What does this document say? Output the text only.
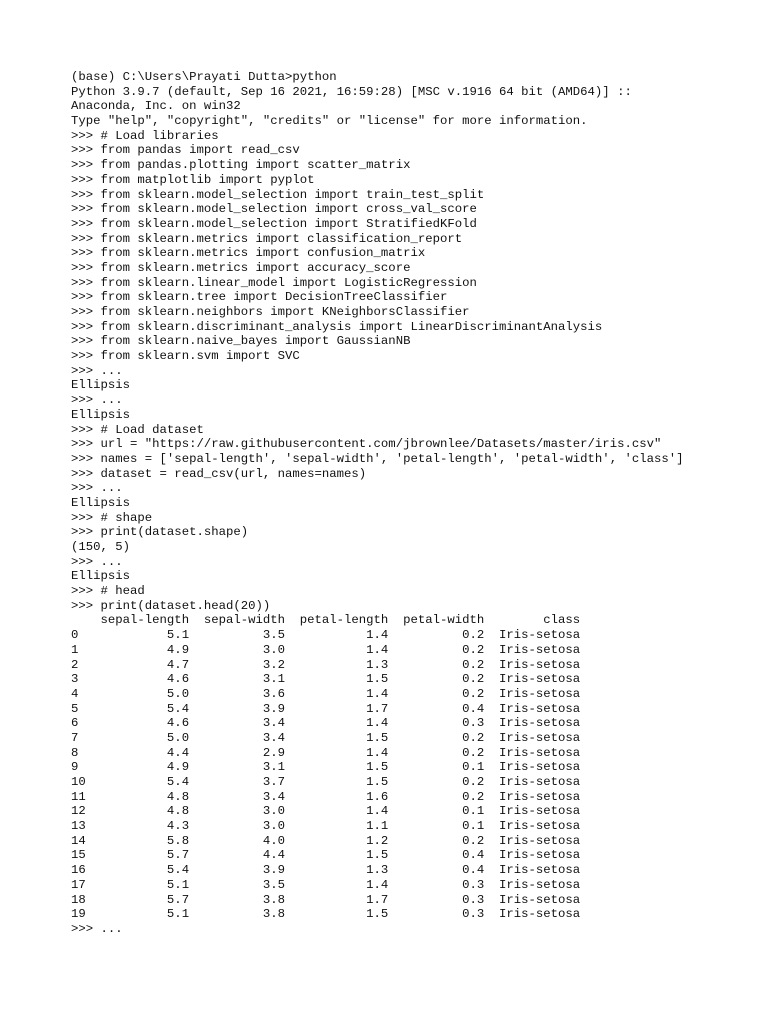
(base) C:\Users\Prayati Dutta>python
Python 3.9.7 (default, Sep 16 2021, 16:59:28) [MSC v.1916 64 bit (AMD64)] ::
Anaconda, Inc. on win32
Type "help", "copyright", "credits" or "license" for more information.
>>> # Load libraries
>>> from pandas import read_csv
>>> from pandas.plotting import scatter_matrix
>>> from matplotlib import pyplot
>>> from sklearn.model_selection import train_test_split
>>> from sklearn.model_selection import cross_val_score
>>> from sklearn.model_selection import StratifiedKFold
>>> from sklearn.metrics import classification_report
>>> from sklearn.metrics import confusion_matrix
>>> from sklearn.metrics import accuracy_score
>>> from sklearn.linear_model import LogisticRegression
>>> from sklearn.tree import DecisionTreeClassifier
>>> from sklearn.neighbors import KNeighborsClassifier
>>> from sklearn.discriminant_analysis import LinearDiscriminantAnalysis
>>> from sklearn.naive_bayes import GaussianNB
>>> from sklearn.svm import SVC
>>> ...
Ellipsis
>>> ...
Ellipsis
>>> # Load dataset
>>> url = "https://raw.githubusercontent.com/jbrownlee/Datasets/master/iris.csv"
>>> names = ['sepal-length', 'sepal-width', 'petal-length', 'petal-width', 'class']
>>> dataset = read_csv(url, names=names)
>>> ...
Ellipsis
>>> # shape
>>> print(dataset.shape)
(150, 5)
>>> ...
Ellipsis
>>> # head
>>> print(dataset.head(20))
sepal-length  sepal-width  petal-length  petal-width        class
0            5.1          3.5           1.4          0.2  Iris-setosa
1            4.9          3.0           1.4          0.2  Iris-setosa
2            4.7          3.2           1.3          0.2  Iris-setosa
3            4.6          3.1           1.5          0.2  Iris-setosa
4            5.0          3.6           1.4          0.2  Iris-setosa
5            5.4          3.9           1.7          0.4  Iris-setosa
6            4.6          3.4           1.4          0.3  Iris-setosa
7            5.0          3.4           1.5          0.2  Iris-setosa
8            4.4          2.9           1.4          0.2  Iris-setosa
9            4.9          3.1           1.5          0.1  Iris-setosa
10           5.4          3.7           1.5          0.2  Iris-setosa
11           4.8          3.4           1.6          0.2  Iris-setosa
12           4.8          3.0           1.4          0.1  Iris-setosa
13           4.3          3.0           1.1          0.1  Iris-setosa
14           5.8          4.0           1.2          0.2  Iris-setosa
15           5.7          4.4           1.5          0.4  Iris-setosa
16           5.4          3.9           1.3          0.4  Iris-setosa
17           5.1          3.5           1.4          0.3  Iris-setosa
18           5.7          3.8           1.7          0.3  Iris-setosa
19           5.1          3.8           1.5          0.3  Iris-setosa
>>> ...
